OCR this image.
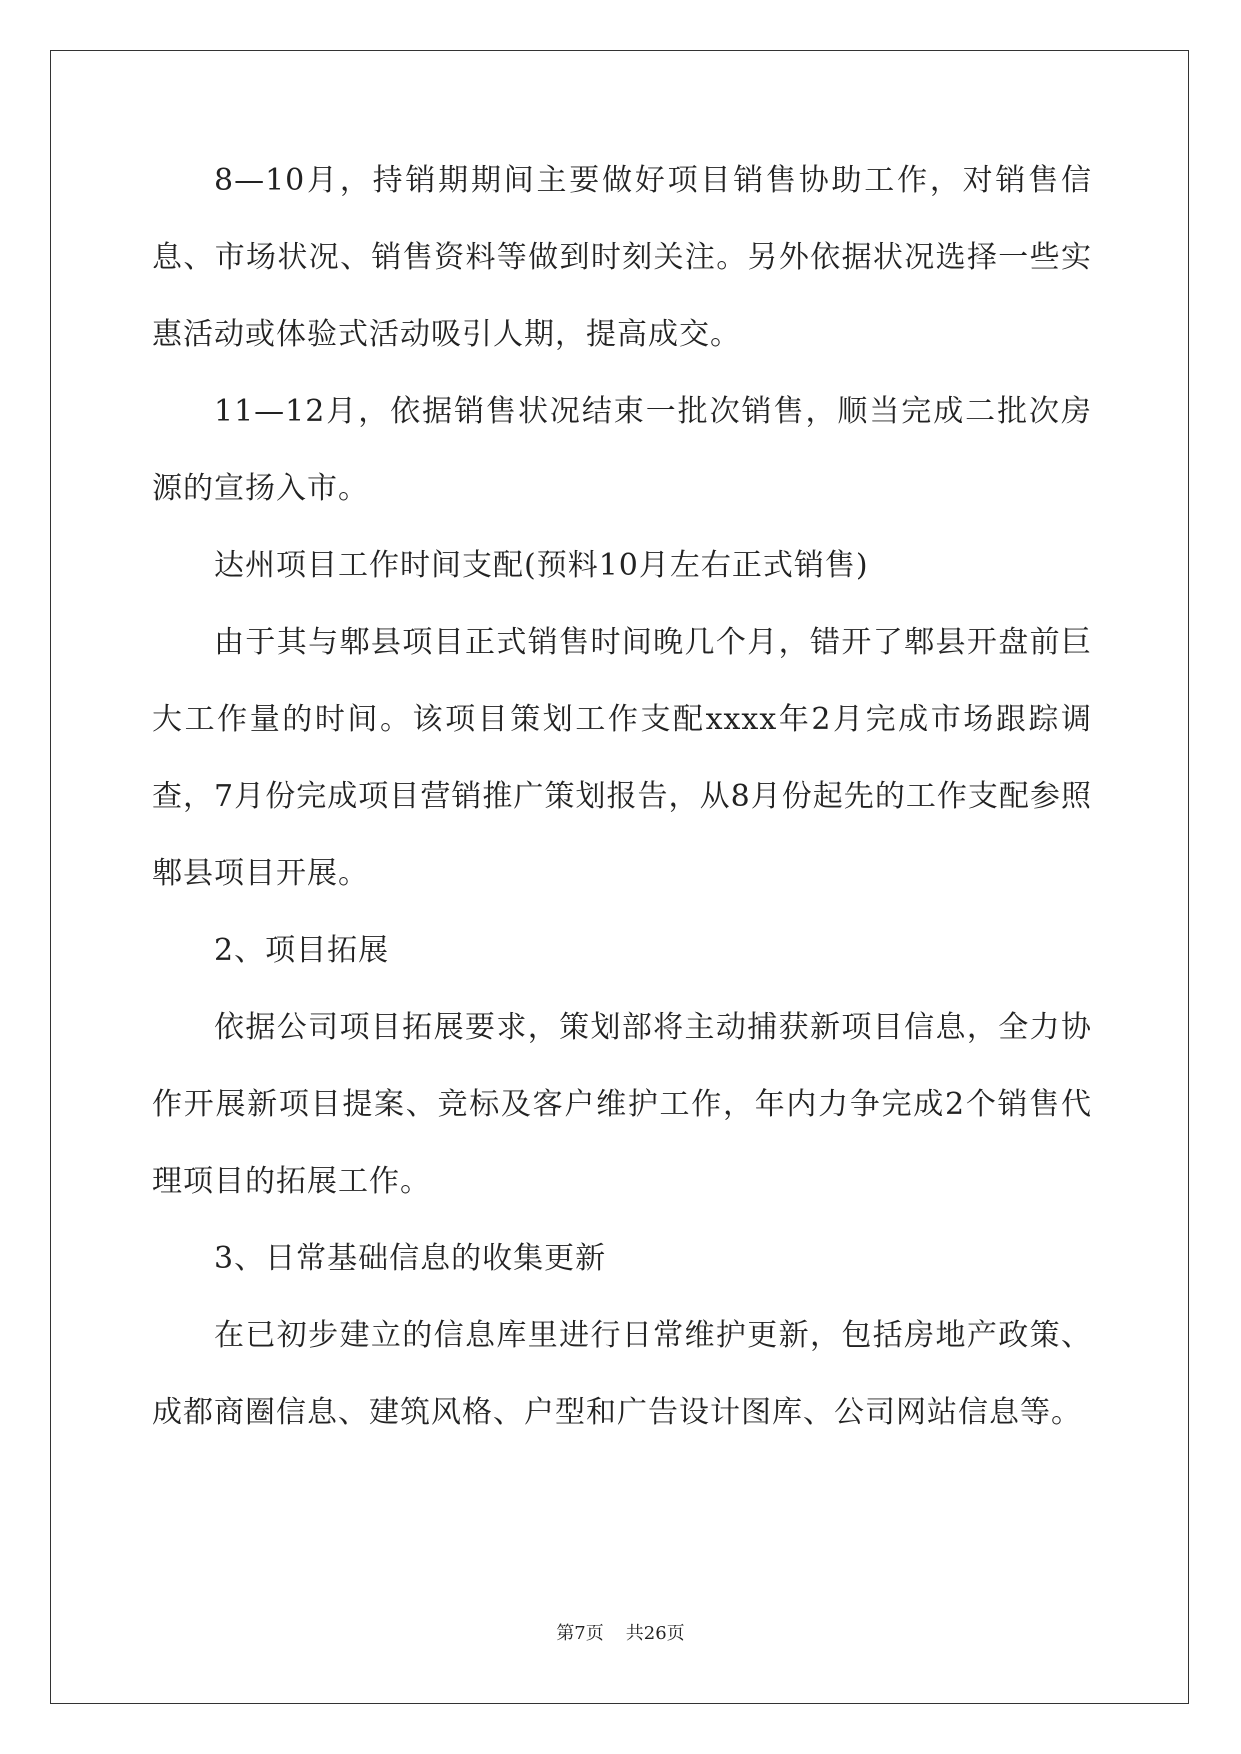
8—10月，持销期期间主要做好项目销售协助工作，对销售信息、市场状况、销售资料等做到时刻关注。另外依据状况选择一些实惠活动或体验式活动吸引人期，提高成交。

11—12月，依据销售状况结束一批次销售，顺当完成二批次房源的宣扬入市。

达州项目工作时间支配(预料10月左右正式销售)

由于其与郫县项目正式销售时间晚几个月，错开了郫县开盘前巨大工作量的时间。该项目策划工作支配xxxx年2月完成市场跟踪调查，7月份完成项目营销推广策划报告，从8月份起先的工作支配参照郫县项目开展。

2、项目拓展

依据公司项目拓展要求，策划部将主动捕获新项目信息，全力协作开展新项目提案、竞标及客户维护工作，年内力争完成2个销售代理项目的拓展工作。

3、日常基础信息的收集更新

在已初步建立的信息库里进行日常维护更新，包括房地产政策、成都商圈信息、建筑风格、户型和广告设计图库、公司网站信息等。

第7页 共26页
